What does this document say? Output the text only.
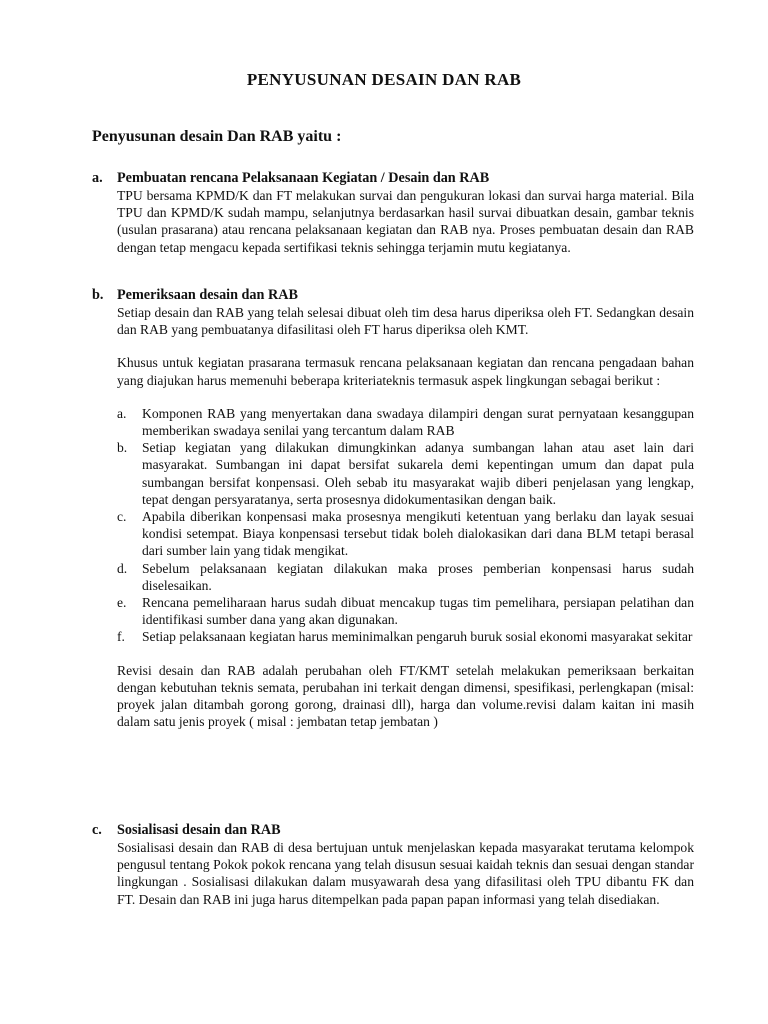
PENYUSUNAN DESAIN DAN RAB
Penyusunan desain Dan RAB yaitu :
a.	Pembuatan rencana Pelaksanaan Kegiatan / Desain dan RAB

TPU bersama KPMD/K dan FT melakukan survai dan pengukuran lokasi dan survai harga material. Bila TPU dan KPMD/K sudah mampu, selanjutnya berdasarkan hasil survai dibuatkan desain, gambar teknis (usulan prasarana) atau rencana pelaksanaan kegiatan dan RAB nya. Proses pembuatan desain dan RAB dengan tetap mengacu kepada sertifikasi teknis sehingga terjamin mutu kegiatanya.

b. Pemeriksaan desain dan RAB

Setiap desain dan RAB yang telah selesai dibuat oleh tim desa harus diperiksa oleh FT. Sedangkan desain dan RAB yang pembuatanya difasilitasi oleh FT harus diperiksa oleh KMT.

Khusus untuk kegiatan prasarana termasuk rencana pelaksanaan kegiatan dan rencana pengadaan bahan yang diajukan harus memenuhi beberapa kriteriateknis termasuk aspek lingkungan sebagai berikut :

a.	Komponen RAB yang menyertakan dana swadaya dilampiri dengan surat pernyataan kesanggupan memberikan swadaya senilai yang tercantum dalam RAB
b.	Setiap kegiatan yang dilakukan dimungkinkan adanya sumbangan lahan atau aset lain dari masyarakat. Sumbangan ini dapat bersifat sukarela demi kepentingan umum dan dapat pula sumbangan bersifat konpensasi. Oleh sebab itu masyarakat wajib diberi penjelasan yang lengkap, tepat dengan persyaratanya, serta prosesnya didokumentasikan dengan baik.
c.	Apabila diberikan konpensasi maka prosesnya mengikuti ketentuan yang berlaku dan layak sesuai kondisi setempat. Biaya konpensasi tersebut tidak boleh dialokasikan dari dana BLM tetapi berasal dari sumber lain yang tidak mengikat.
d.	Sebelum pelaksanaan kegiatan dilakukan maka proses pemberian konpensasi harus sudah diselesaikan.
e.	Rencana pemeliharaan harus sudah dibuat mencakup tugas tim pemelihara, persiapan pelatihan dan identifikasi sumber dana yang akan digunakan.
f.	Setiap pelaksanaan kegiatan harus meminimalkan pengaruh buruk sosial ekonomi masyarakat sekitar

Revisi desain dan RAB adalah perubahan oleh FT/KMT setelah melakukan pemeriksaan berkaitan dengan kebutuhan teknis semata, perubahan ini terkait dengan dimensi, spesifikasi, perlengkapan (misal: proyek jalan ditambah gorong gorong, drainasi dll), harga dan volume.revisi dalam kaitan ini masih dalam satu jenis proyek ( misal : jembatan tetap jembatan )

c.	Sosialisasi desain dan RAB

Sosialisasi desain dan RAB di desa bertujuan untuk menjelaskan kepada masyarakat terutama kelompok pengusul tentang Pokok pokok rencana yang telah disusun sesuai kaidah teknis dan sesuai dengan standar lingkungan . Sosialisasi dilakukan dalam musyawarah desa yang difasilitasi oleh TPU dibantu FK dan FT. Desain dan RAB ini juga harus ditempelkan pada papan papan informasi yang telah disediakan.
